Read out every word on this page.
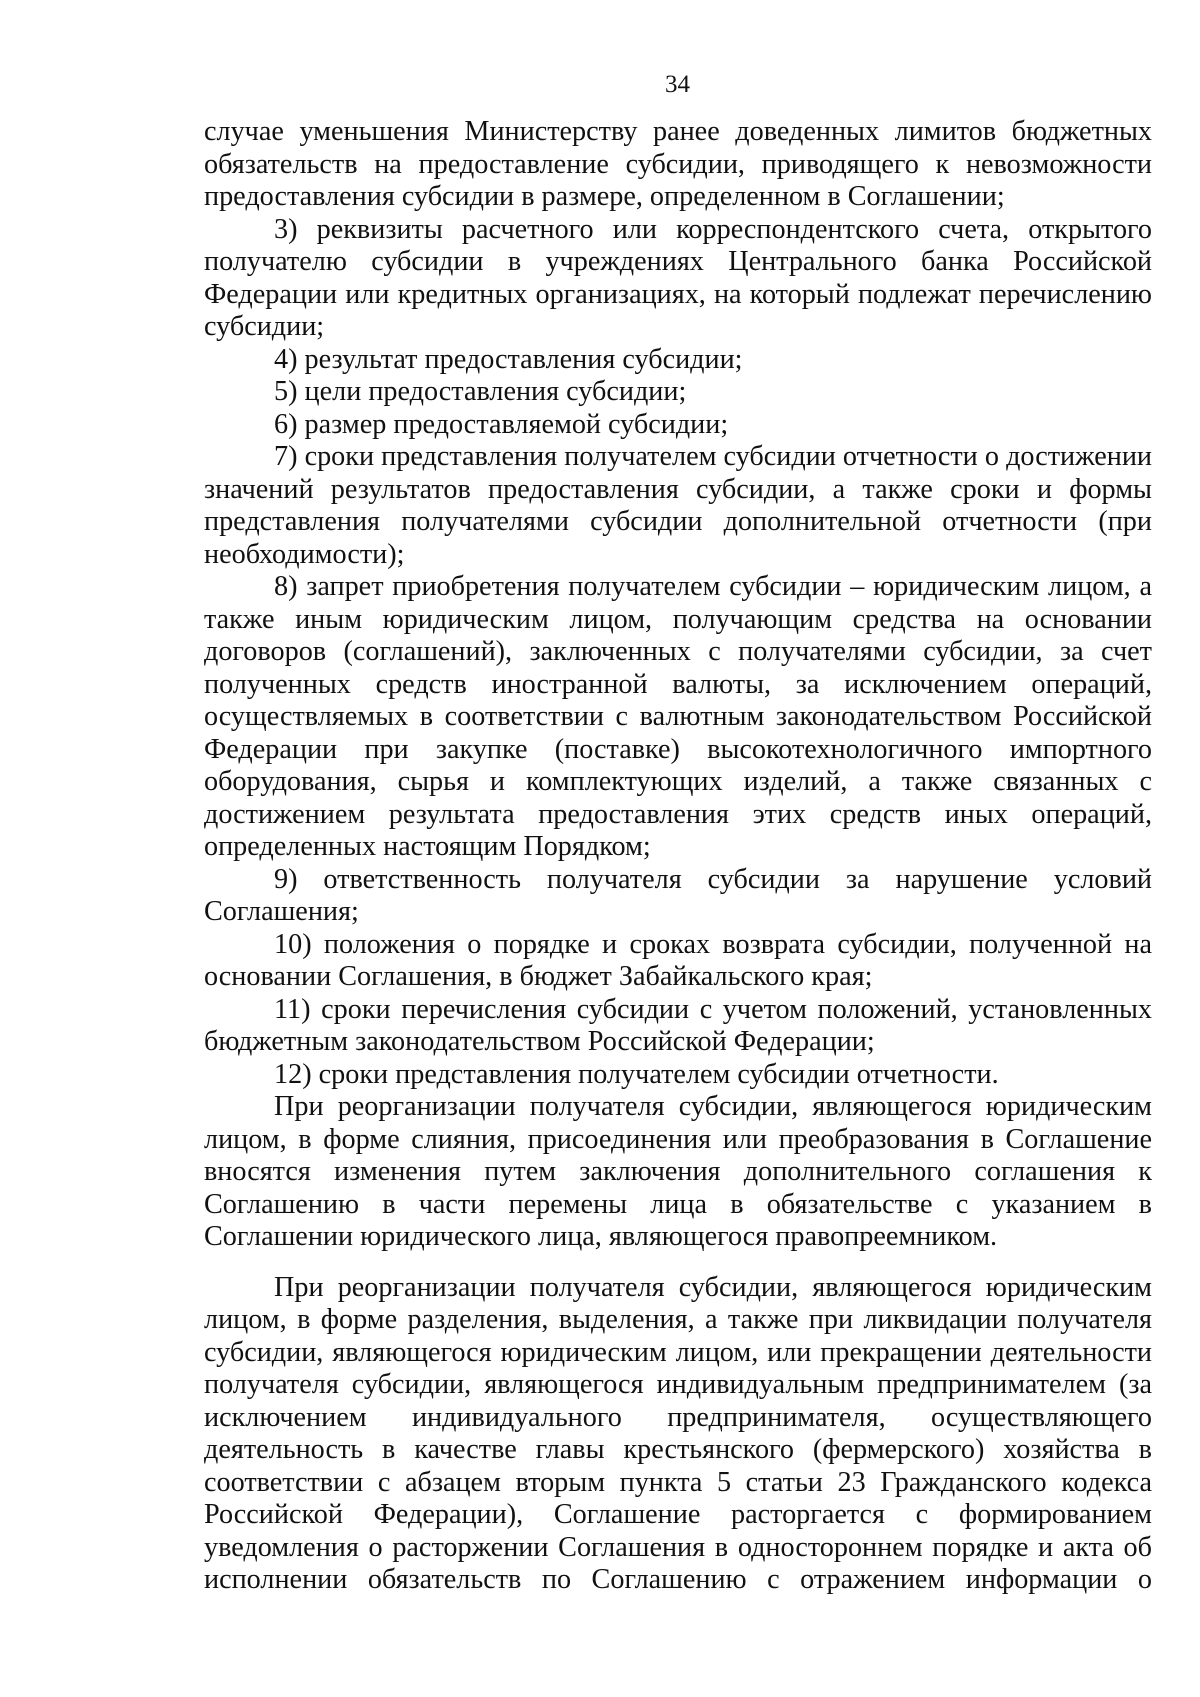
34

случае уменьшения Министерству ранее доведенных лимитов бюджетных обязательств на предоставление субсидии, приводящего к невозможности предоставления субсидии в размере, определенном в Соглашении;

3) реквизиты расчетного или корреспондентского счета, открытого получателю субсидии в учреждениях Центрального банка Российской Федерации или кредитных организациях, на который подлежат перечислению субсидии;

4) результат предоставления субсидии;

5) цели предоставления субсидии;

6) размер предоставляемой субсидии;

7) сроки представления получателем субсидии отчетности о достижении значений результатов предоставления субсидии, а также сроки и формы представления получателями субсидии дополнительной отчетности (при необходимости);

8) запрет приобретения получателем субсидии – юридическим лицом, а также иным юридическим лицом, получающим средства на основании договоров (соглашений), заключенных с получателями субсидии, за счет полученных средств иностранной валюты, за исключением операций, осуществляемых в соответствии с валютным законодательством Российской Федерации при закупке (поставке) высокотехнологичного импортного оборудования, сырья и комплектующих изделий, а также связанных с достижением результата предоставления этих средств иных операций, определенных настоящим Порядком;

9) ответственность получателя субсидии за нарушение условий Соглашения;

10) положения о порядке и сроках возврата субсидии, полученной на основании Соглашения, в бюджет Забайкальского края;

11) сроки перечисления субсидии с учетом положений, установленных бюджетным законодательством Российской Федерации;

12) сроки представления получателем субсидии отчетности.

При реорганизации получателя субсидии, являющегося юридическим лицом, в форме слияния, присоединения или преобразования в Соглашение вносятся изменения путем заключения дополнительного соглашения к Соглашению в части перемены лица в обязательстве с указанием в Соглашении юридического лица, являющегося правопреемником.

При реорганизации получателя субсидии, являющегося юридическим лицом, в форме разделения, выделения, а также при ликвидации получателя субсидии, являющегося юридическим лицом, или прекращении деятельности получателя субсидии, являющегося индивидуальным предпринимателем (за исключением индивидуального предпринимателя, осуществляющего деятельность в качестве главы крестьянского (фермерского) хозяйства в соответствии с абзацем вторым пункта 5 статьи 23 Гражданского кодекса Российской Федерации), Соглашение расторгается с формированием уведомления о расторжении Соглашения в одностороннем порядке и акта об исполнении обязательств по Соглашению с отражением информации о
